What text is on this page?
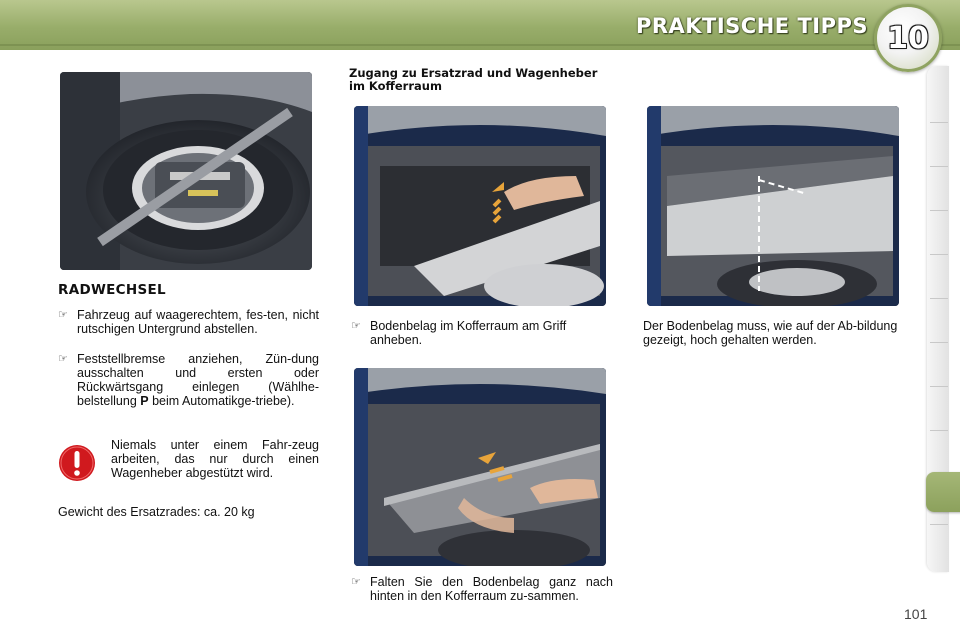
PRAKTISCHE TIPPS 10
RADWECHSEL
☞ Fahrzeug auf waagerechtem, fes-ten, nicht rutschigen Untergrund abstellen.
☞ Feststellbremse anziehen, Zün-dung ausschalten und ersten oder Rückwärtsgang einlegen (Wählhe-belstellung P beim Automatikge-triebe).
Niemals unter einem Fahr-zeug arbeiten, das nur durch einen Wagenheber abgestützt wird.
Gewicht des Ersatzrades: ca. 20 kg
Zugang zu Ersatzrad und Wagenheber im Kofferraum
☞ Bodenbelag im Kofferraum am Griff anheben.
☞ Falten Sie den Bodenbelag ganz nach hinten in den Kofferraum zu-sammen.
Der Bodenbelag muss, wie auf der Ab-bildung gezeigt, hoch gehalten werden.
101
